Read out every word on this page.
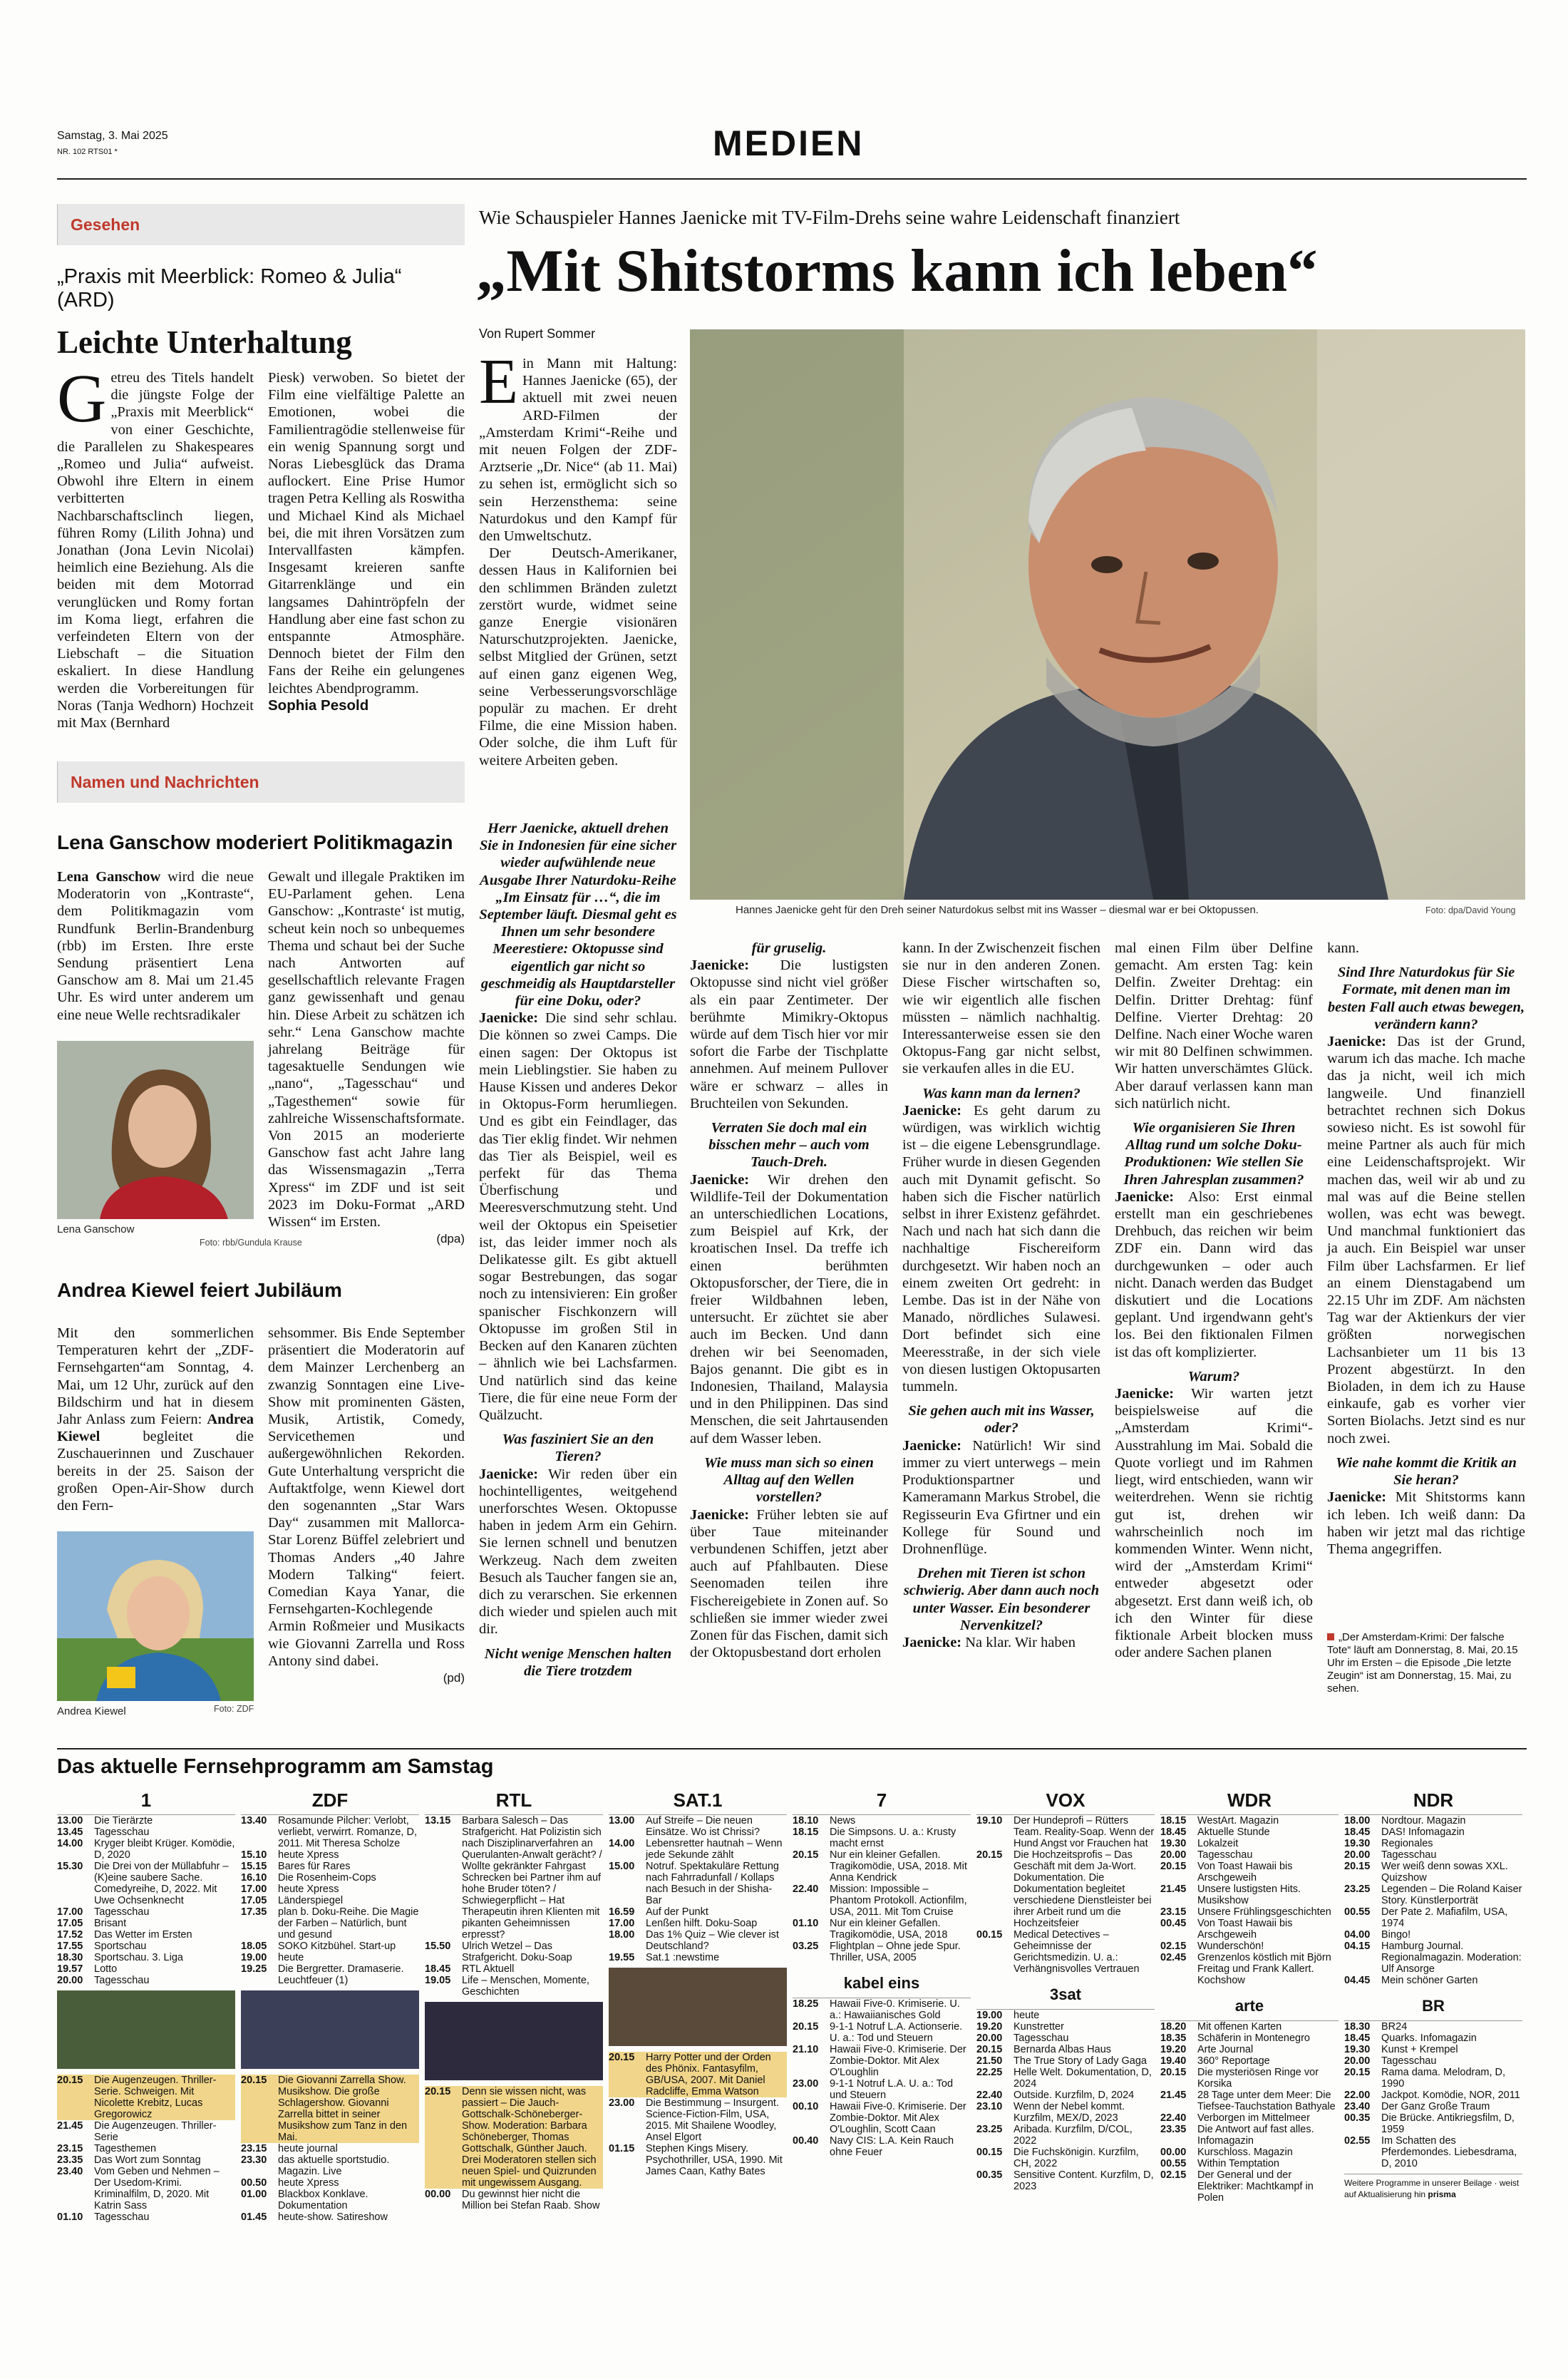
Samstag, 3. Mai 2025
NR. 102 RTS01 *	MEDIEN
Gesehen
„Praxis mit Meerblick: Romeo & Julia“ (ARD)
Leichte Unterhaltung

Getreu des Titels handelt die jüngste Folge der „Praxis mit Meerblick“ von einer Geschichte, die Parallelen zu Shakespeares „Romeo und Julia“ aufweist. Obwohl ihre Eltern in einem verbitterten Nachbarschaftsclinch liegen, führen Romy (Lilith Johna) und Jonathan (Jona Levin Nicolai) heimlich eine Beziehung. Als die beiden mit dem Motorrad verunglücken und Romy fortan im Koma liegt, erfahren die verfeindeten Eltern von der Liebschaft – die Situation eskaliert. In diese Handlung werden die Vorbereitungen für Noras (Tanja Wedhorn) Hochzeit mit Max (Bernhard

Piesk) verwoben. So bietet der Film eine vielfältige Palette an Emotionen, wobei die Familientragödie stellenweise für ein wenig Spannung sorgt und Noras Liebesglück das Drama auflockert. Eine Prise Humor tragen Petra Kelling als Roswitha und Michael Kind als Michael bei, die mit ihren Vorsätzen zum Intervallfasten kämpfen. Insgesamt kreieren sanfte Gitarrenklänge und ein langsames Dahintröpfeln der Handlung aber eine fast schon zu entspannte Atmosphäre. Dennoch bietet der Film den Fans der Reihe ein gelungenes leichtes Abendprogramm.

Sophia Pesold

Namen und Nachrichten
Lena Ganschow moderiert Politikmagazin

Lena Ganschow wird die neue Moderatorin von „Kontraste“, dem Politikmagazin vom Rundfunk Berlin-Brandenburg (rbb) im Ersten. Ihre erste Sendung präsentiert Lena Ganschow am 8. Mai um 21.45 Uhr. Es wird unter anderem um eine neue Welle rechtsradikaler

Lena Ganschow

Gewalt und illegale Praktiken im EU-Parlament gehen. Lena Ganschow: „Kontraste‘ ist mutig, scheut kein noch so unbequemes Thema und schaut bei der Suche nach Antworten auf gesellschaftlich relevante Fragen ganz gewissenhaft und genau hin. Diese Arbeit zu schätzen ich sehr.“ Lena Ganschow machte jahrelang Beiträge für tagesaktuelle Sendungen wie „nano“, „Tagesschau“ und „Tagesthemen“ sowie für zahlreiche Wissenschaftsformate. Von 2015 an moderierte Ganschow fast acht Jahre lang das Wissensmagazin „Terra Xpress“ im ZDF und ist seit 2023 im Doku-Format „ARD Wissen“ im Ersten.

(dpa)

Foto: rbb/Gundula Krause
Andrea Kiewel feiert Jubiläum

Mit den sommerlichen Temperaturen kehrt der „ZDF-Fernsehgarten“am Sonntag, 4. Mai, um 12 Uhr, zurück auf den Bildschirm und hat in diesem Jahr Anlass zum Feiern: Andrea Kiewel begleitet die Zuschauerinnen und Zuschauer bereits in der 25. Saison der großen Open-Air-Show durch den Fern-

Andrea Kiewel

sehsommer. Bis Ende September präsentiert die Moderatorin auf dem Mainzer Lerchenberg an zwanzig Sonntagen eine Live-Show mit prominenten Gästen, Musik, Artistik, Comedy, Servicethemen und außergewöhnlichen Rekorden. Gute Unterhaltung verspricht die Auftaktfolge, wenn Kiewel dort den sogenannten „Star Wars Day“ zusammen mit Mallorca-Star Lorenz Büffel zelebriert und Thomas Anders „40 Jahre Modern Talking“ feiert. Comedian Kaya Yanar, die Fernsehgarten-Kochlegende Armin Roßmeier und Musikacts wie Giovanni Zarrella und Ross Antony sind dabei.

(pd)

Foto: ZDF
Wie Schauspieler Hannes Jaenicke mit TV-Film-Drehs seine wahre Leidenschaft finanziert
„Mit Shitstorms kann ich leben“
Von Rupert Sommer

Ein Mann mit Haltung: Hannes Jaenicke (65), der aktuell mit zwei neuen ARD-Filmen der „Amsterdam Krimi“-Reihe und mit neuen Folgen der ZDF-Arztserie „Dr. Nice“ (ab 11. Mai) zu sehen ist, ermöglicht sich so sein Herzensthema: seine Naturdokus und den Kampf für den Umweltschutz.

Der Deutsch-Amerikaner, dessen Haus in Kalifornien bei den schlimmen Bränden zuletzt zerstört wurde, widmet seine ganze Energie visionären Naturschutzprojekten. Jaenicke, selbst Mitglied der Grünen, setzt auf einen ganz eigenen Weg, seine Verbesserungsvorschläge populär zu machen. Er dreht Filme, die eine Mission haben. Oder solche, die ihm Luft für weitere Arbeiten geben.

Hannes Jaenicke geht für den Dreh seiner Naturdokus selbst mit ins Wasser – diesmal war er bei Oktopussen.	Foto: dpa/David Young

Herr Jaenicke, aktuell drehen Sie in Indonesien für eine sicher wieder aufwühlende neue Ausgabe Ihrer Naturdoku-Reihe „Im Einsatz für …“, die im September läuft. Diesmal geht es Ihnen um sehr besondere Meerestiere: Oktopusse sind eigentlich gar nicht so geschmeidig als Hauptdarsteller für eine Doku, oder?

Jaenicke: Die sind sehr schlau. Die können so zwei Camps. Die einen sagen: Der Oktopus ist mein Lieblingstier. Sie haben zu Hause Kissen und anderes Dekor in Oktopus-Form herumliegen. Und es gibt ein Feindlager, das das Tier eklig findet. Wir nehmen das Tier als Beispiel, weil es perfekt für das Thema Überfischung und Meeresverschmutzung steht. Und weil der Oktopus ein Speisetier ist, das leider immer noch als Delikatesse gilt. Es gibt aktuell sogar Bestrebungen, das sogar noch zu intensivieren: Ein großer spanischer Fischkonzern will Oktopusse im großen Stil in Becken auf den Kanaren züchten – ähnlich wie bei Lachsfarmen. Und natürlich sind das keine Tiere, die für eine neue Form der Quälzucht.

Was fasziniert Sie an den Tieren?

Jaenicke: Wir reden über ein hochintelligentes, weitgehend unerforschtes Wesen. Oktopusse haben in jedem Arm ein Gehirn. Sie lernen schnell und benutzen Werkzeug. Nach dem zweiten Besuch als Taucher fangen sie an, dich zu verarschen. Sie erkennen dich wieder und spielen auch mit dir.

Nicht wenige Menschen halten die Tiere trotzdem

für gruselig.

Jaenicke: Die lustigsten Oktopusse sind nicht viel größer als ein paar Zentimeter. Der berühmte Mimikry-Oktopus würde auf dem Tisch hier vor mir sofort die Farbe der Tischplatte annehmen. Auf meinem Pullover wäre er schwarz – alles in Bruchteilen von Sekunden.

Verraten Sie doch mal ein bisschen mehr – auch vom Tauch-Dreh.

Jaenicke: Wir drehen den Wildlife-Teil der Dokumentation an unterschiedlichen Locations, zum Beispiel auf Krk, der kroatischen Insel. Da treffe ich einen berühmten Oktopusforscher, der Tiere, die in freier Wildbahnen leben, untersucht. Er züchtet sie aber auch im Becken. Und dann drehen wir bei Seenomaden, Bajos genannt. Die gibt es in Indonesien, Thailand, Malaysia und in den Philippinen. Das sind Menschen, die seit Jahrtausenden auf dem Wasser leben.

Wie muss man sich so einen Alltag auf den Wellen vorstellen?

Jaenicke: Früher lebten sie auf über Taue miteinander verbundenen Schiffen, jetzt aber auch auf Pfahlbauten. Diese Seenomaden teilen ihre Fischereigebiete in Zonen auf. So schließen sie immer wieder zwei Zonen für das Fischen, damit sich der Oktopusbestand dort erholen

kann. In der Zwischenzeit fischen sie nur in den anderen Zonen. Diese Fischer wirtschaften so, wie wir eigentlich alle fischen müssten – nämlich nachhaltig. Interessanterweise essen sie den Oktopus-Fang gar nicht selbst, sie verkaufen alles in die EU.

Was kann man da lernen?

Jaenicke: Es geht darum zu würdigen, was wirklich wichtig ist – die eigene Lebensgrundlage. Früher wurde in diesen Gegenden auch mit Dynamit gefischt. So haben sich die Fischer natürlich selbst in ihrer Existenz gefährdet. Nach und nach hat sich dann die nachhaltige Fischereiform durchgesetzt. Wir haben noch an einem zweiten Ort gedreht: in Lembe. Das ist in der Nähe von Manado, nördliches Sulawesi. Dort befindet sich eine Meeresstraße, in der sich viele von diesen lustigen Oktopusarten tummeln.

Sie gehen auch mit ins Wasser, oder?

Jaenicke: Natürlich! Wir sind immer zu viert unterwegs – mein Produktionspartner und Kameramann Markus Strobel, die Regisseurin Eva Gfirtner und ein Kollege für Sound und Drohnenflüge.

Drehen mit Tieren ist schon schwierig. Aber dann auch noch unter Wasser. Ein besonderer Nervenkitzel?

Jaenicke: Na klar. Wir haben

mal einen Film über Delfine gemacht. Am ersten Tag: kein Delfin. Zweiter Drehtag: ein Delfin. Dritter Drehtag: fünf Delfine. Vierter Drehtag: 20 Delfine. Nach einer Woche waren wir mit 80 Delfinen schwimmen. Wir hatten unverschämtes Glück. Aber darauf verlassen kann man sich natürlich nicht.

Wie organisieren Sie Ihren Alltag rund um solche Doku-Produktionen: Wie stellen Sie Ihren Jahresplan zusammen?

Jaenicke: Also: Erst einmal erstellt man ein geschriebenes Drehbuch, das reichen wir beim ZDF ein. Dann wird das durchgewunken – oder auch nicht. Danach werden das Budget diskutiert und die Locations geplant. Und irgendwann geht's los. Bei den fiktionalen Filmen ist das oft komplizierter.

Warum?

Jaenicke: Wir warten jetzt beispielsweise auf die „Amsterdam Krimi“-Ausstrahlung im Mai. Sobald die Quote vorliegt und im Rahmen liegt, wird entschieden, wann wir weiterdrehen. Wenn sie richtig gut ist, drehen wir wahrscheinlich noch im kommenden Winter. Wenn nicht, wird der „Amsterdam Krimi“ entweder abgesetzt oder abgesetzt. Erst dann weiß ich, ob ich den Winter für diese fiktionale Arbeit blocken muss oder andere Sachen planen

kann.

Sind Ihre Naturdokus für Sie Formate, mit denen man im besten Fall auch etwas bewegen, verändern kann?

Jaenicke: Das ist der Grund, warum ich das mache. Ich mache das ja nicht, weil ich mich langweile. Und finanziell betrachtet rechnen sich Dokus sowieso nicht. Es ist sowohl für meine Partner als auch für mich eine Leidenschaftsprojekt. Wir machen das, weil wir ab und zu mal was auf die Beine stellen wollen, was echt was bewegt. Und manchmal funktioniert das ja auch. Ein Beispiel war unser Film über Lachsfarmen. Er lief an einem Dienstagabend um 22.15 Uhr im ZDF. Am nächsten Tag war der Aktienkurs der vier größten norwegischen Lachsanbieter um 11 bis 13 Prozent abgestürzt. In den Bioladen, in dem ich zu Hause einkaufe, gab es vorher vier Sorten Biolachs. Jetzt sind es nur noch zwei.

Wie nahe kommt die Kritik an Sie heran?

Jaenicke: Mit Shitstorms kann ich leben. Ich weiß dann: Da haben wir jetzt mal das richtige Thema angegriffen.

„Der Amsterdam-Krimi: Der falsche Tote“ läuft am Donnerstag, 8. Mai, 20.15 Uhr im Ersten – die Episode „Die letzte Zeugin“ ist am Donnerstag, 15. Mai, zu sehen.
Das aktuelle Fernsehprogramm am Samstag
1
13.00	Die Tierärzte
13.45	Tagesschau
14.00	Kryger bleibt Krüger. Komödie, D, 2020
15.30	Die Drei von der Müllabfuhr – (K)eine saubere Sache. Comedyreihe, D, 2022. Mit Uwe Ochsenknecht
17.00	Tagesschau
17.05	Brisant
17.52	Das Wetter im Ersten
17.55	Sportschau
18.30	Sportschau. 3. Liga
19.57	Lotto
20.00	Tagesschau
20.15	Die Augenzeugen. Thriller-Serie. Schweigen. Mit Nicolette Krebitz, Lucas Gregorowicz
21.45	Die Augenzeugen. Thriller-Serie
23.15	Tagesthemen
23.35	Das Wort zum Sonntag
23.40	Vom Geben und Nehmen – Der Usedom-Krimi. Kriminalfilm, D, 2020. Mit Katrin Sass
01.10	Tagesschau
ZDF
13.40	Rosamunde Pilcher: Verlobt, verliebt, verwirrt. Romanze, D, 2011. Mit Theresa Scholze
15.10	heute Xpress
15.15	Bares für Rares
16.10	Die Rosenheim-Cops
17.00	heute Xpress
17.05	Länderspiegel
17.35	plan b. Doku-Reihe. Die Magie der Farben – Natürlich, bunt und gesund
18.05	SOKO Kitzbühel. Start-up
19.00	heute
19.25	Die Bergretter. Dramaserie. Leuchtfeuer (1)
20.15	Die Giovanni Zarrella Show. Musikshow. Die große Schlagershow. Giovanni Zarrella bittet in seiner Musikshow zum Tanz in den Mai.
23.15	heute journal
23.30	das aktuelle sportstudio. Magazin. Live
00.50	heute Xpress
01.00	Blackbox Konklave. Dokumentation
01.45	heute-show. Satireshow
RTL
13.15	Barbara Salesch – Das Strafgericht. Hat Polizistin sich nach Disziplinarverfahren an Querulanten-Anwalt gerächt? / Wollte gekränkter Fahrgast Schrecken bei Partner ihm auf hohe Bruder töten? / Schwiegerpflicht – Hat Therapeutin ihren Klienten mit pikanten Geheimnissen erpresst?
15.50	Ulrich Wetzel – Das Strafgericht. Doku-Soap
18.45	RTL Aktuell
19.05	Life – Menschen, Momente, Geschichten
20.15	Denn sie wissen nicht, was passiert – Die Jauch-Gottschalk-Schöneberger-Show. Moderation: Barbara Schöneberger, Thomas Gottschalk, Günther Jauch. Drei Moderatoren stellen sich neuen Spiel- und Quizrunden mit ungewissem Ausgang.
00.00	Du gewinnst hier nicht die Million bei Stefan Raab. Show
SAT.1
13.00	Auf Streife – Die neuen Einsätze. Wo ist Chrissi?
14.00	Lebensretter hautnah – Wenn jede Sekunde zählt
15.00	Notruf. Spektakuläre Rettung nach Fahrradunfall / Kollaps nach Besuch in der Shisha-Bar
16.59	Auf der Punkt
17.00	Lenßen hilft. Doku-Soap
18.00	Das 1% Quiz – Wie clever ist Deutschland?
19.55	Sat.1 :newstime
20.15	Harry Potter und der Orden des Phönix. Fantasyfilm, GB/USA, 2007. Mit Daniel Radcliffe, Emma Watson
23.00	Die Bestimmung – Insurgent. Science-Fiction-Film, USA, 2015. Mit Shailene Woodley, Ansel Elgort
01.15	Stephen Kings Misery. Psychothriller, USA, 1990. Mit James Caan, Kathy Bates
7
18.10	News
18.15	Die Simpsons. U. a.: Krusty macht ernst
20.15	Nur ein kleiner Gefallen. Tragikomödie, USA, 2018. Mit Anna Kendrick
22.40	Mission: Impossible – Phantom Protokoll. Actionfilm, USA, 2011. Mit Tom Cruise
01.10	Nur ein kleiner Gefallen. Tragikomödie, USA, 2018
03.25	Flightplan – Ohne jede Spur. Thriller, USA, 2005
kabel eins
18.25	Hawaii Five-0. Krimiserie. U. a.: Hawaiianisches Gold
20.15	9-1-1 Notruf L.A. Actionserie. U. a.: Tod und Steuern
21.10	Hawaii Five-0. Krimiserie. Der Zombie-Doktor. Mit Alex O'Loughlin
23.00	9-1-1 Notruf L.A. U. a.: Tod und Steuern
00.10	Hawaii Five-0. Krimiserie. Der Zombie-Doktor. Mit Alex O'Loughlin, Scott Caan
00.40	Navy CIS: L.A. Kein Rauch ohne Feuer
VOX
19.10	Der Hundeprofi – Rütters Team. Reality-Soap. Wenn der Hund Angst vor Frauchen hat
20.15	Die Hochzeitsprofis – Das Geschäft mit dem Ja-Wort. Dokumentation. Die Dokumentation begleitet verschiedene Dienstleister bei ihrer Arbeit rund um die Hochzeitsfeier
00.15	Medical Detectives – Geheimnisse der Gerichtsmedizin. U. a.: Verhängnisvolles Vertrauen
3sat
19.00	heute
19.20	Kunstretter
20.00	Tagesschau
20.15	Bernarda Albas Haus
21.50	The True Story of Lady Gaga
22.25	Helle Welt. Dokumentation, D, 2024
22.40	Outside. Kurzfilm, D, 2024
23.10	Wenn der Nebel kommt. Kurzfilm, MEX/D, 2023
23.25	Aribada. Kurzfilm, D/COL, 2022
00.15	Die Fuchskönigin. Kurzfilm, CH, 2022
00.35	Sensitive Content. Kurzfilm, D, 2023
WDR
18.15	WestArt. Magazin
18.45	Aktuelle Stunde
19.30	Lokalzeit
20.00	Tagesschau
20.15	Von Toast Hawaii bis Arschgeweih
21.45	Unsere lustigsten Hits. Musikshow
23.15	Unsere Frühlingsgeschichten
00.45	Von Toast Hawaii bis Arschgeweih
02.15	Wunderschön!
02.45	Grenzenlos köstlich mit Björn Freitag und Frank Kallert. Kochshow
arte
18.20	Mit offenen Karten
18.35	Schäferin in Montenegro
19.20	Arte Journal
19.40	360° Reportage
20.15	Die mysteriösen Ringe vor Korsika
21.45	28 Tage unter dem Meer: Die Tiefsee-Tauchstation Bathyale
22.40	Verborgen im Mittelmeer
23.35	Die Antwort auf fast alles. Infomagazin
00.00	Kurschloss. Magazin
00.55	Within Temptation
02.15	Der General und der Elektriker: Machtkampf in Polen
NDR
18.00	Nordtour. Magazin
18.45	DAS! Infomagazin
19.30	Regionales
20.00	Tagesschau
20.15	Wer weiß denn sowas XXL. Quizshow
23.25	Legenden – Die Roland Kaiser Story. Künstlerporträt
00.55	Der Pate 2. Mafiafilm, USA, 1974
04.00	Bingo!
04.15	Hamburg Journal. Regionalmagazin. Moderation: Ulf Ansorge
04.45	Mein schöner Garten
BR
18.30	BR24
18.45	Quarks. Infomagazin
19.30	Kunst + Krempel
20.00	Tagesschau
20.15	Rama dama. Melodram, D, 1990
22.00	Jackpot. Komödie, NOR, 2011
23.40	Der Ganz Große Traum
00.35	Die Brücke. Antikriegsfilm, D, 1959
02.55	Im Schatten des Pferdemondes. Liebesdrama, D, 2010
Weitere Programme in unserer Beilage · weist auf Aktualisierung hin prisma
